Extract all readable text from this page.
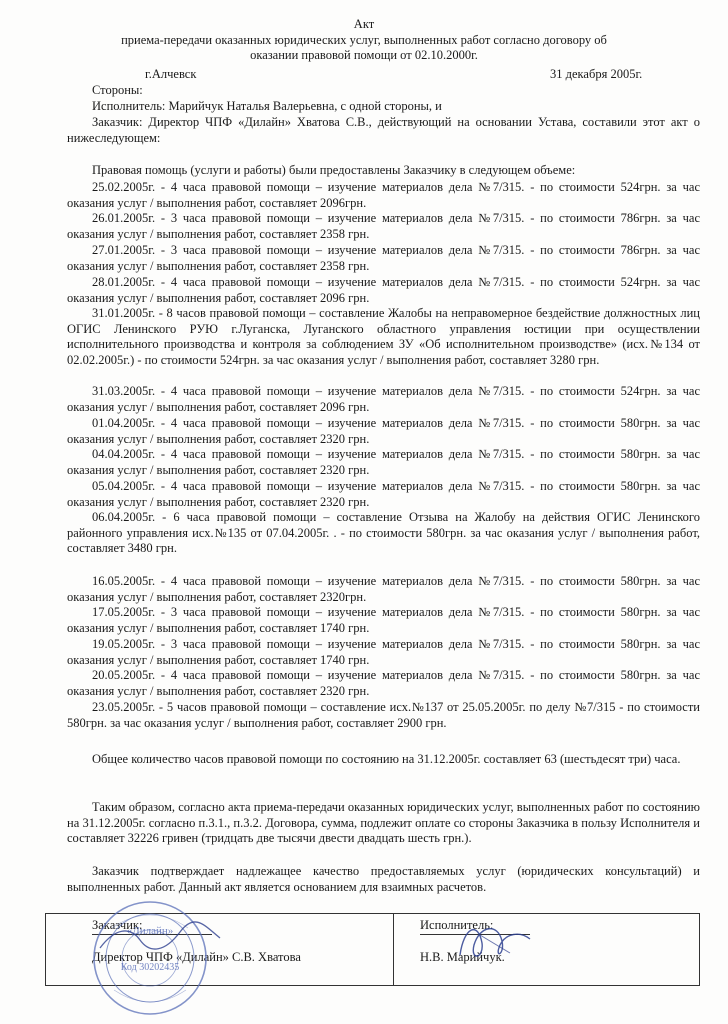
Акт
приема-передачи оказанных юридических услуг, выполненных работ согласно договору об оказании правовой помощи от 02.10.2000г.
г.Алчевск	31 декабря 2005г.

Стороны:

Исполнитель: Марийчук Наталья Валерьевна, с одной стороны, и

Заказчик: Директор ЧПФ «Дилайн» Хватова С.В., действующий на основании Устава, составили этот акт о нижеследующем:

Правовая помощь (услуги и работы) были предоставлены Заказчику в следующем объеме:

25.02.2005г. - 4 часа правовой помощи – изучение материалов дела №7/315. - по стоимости 524грн. за час оказания услуг / выполнения работ, составляет 2096грн.

26.01.2005г. - 3 часа правовой помощи – изучение материалов дела №7/315. - по стоимости 786грн. за час оказания услуг / выполнения работ, составляет 2358 грн.

27.01.2005г. - 3 часа правовой помощи – изучение материалов дела №7/315. - по стоимости 786грн. за час оказания услуг / выполнения работ, составляет 2358 грн.

28.01.2005г. - 4 часа правовой помощи – изучение материалов дела №7/315. - по стоимости 524грн. за час оказания услуг / выполнения работ, составляет 2096 грн.

31.01.2005г. - 8 часов правовой помощи – составление Жалобы на неправомерное бездействие должностных лиц ОГИС Ленинского РУЮ г.Луганска, Луганского областного управления юстиции при осуществлении исполнительного производства и контроля за соблюдением ЗУ «Об исполнительном производстве» (исх.№134 от 02.02.2005г.) - по стоимости 524грн. за час оказания услуг / выполнения работ, составляет 3280 грн.

31.03.2005г. - 4 часа правовой помощи – изучение материалов дела №7/315. - по стоимости 524грн. за час оказания услуг / выполнения работ, составляет 2096 грн.

01.04.2005г. - 4 часа правовой помощи – изучение материалов дела №7/315. - по стоимости 580грн. за час оказания услуг / выполнения работ, составляет 2320 грн.

04.04.2005г. - 4 часа правовой помощи – изучение материалов дела №7/315. - по стоимости 580грн. за час оказания услуг / выполнения работ, составляет 2320 грн.

05.04.2005г. - 4 часа правовой помощи – изучение материалов дела №7/315. - по стоимости 580грн. за час оказания услуг / выполнения работ, составляет 2320 грн.

06.04.2005г. - 6 часа правовой помощи – составление Отзыва на Жалобу на действия ОГИС Ленинского районного управления исх.№135 от 07.04.2005г. . - по стоимости 580грн. за час оказания услуг / выполнения работ, составляет 3480 грн.

16.05.2005г. - 4 часа правовой помощи – изучение материалов дела №7/315. - по стоимости 580грн. за час оказания услуг / выполнения работ, составляет 2320грн.

17.05.2005г. - 3 часа правовой помощи – изучение материалов дела №7/315. - по стоимости 580грн. за час оказания услуг / выполнения работ, составляет 1740 грн.

19.05.2005г. - 3 часа правовой помощи – изучение материалов дела №7/315. - по стоимости 580грн. за час оказания услуг / выполнения работ, составляет 1740 грн.

20.05.2005г. - 4 часа правовой помощи – изучение материалов дела №7/315. - по стоимости 580грн. за час оказания услуг / выполнения работ, составляет 2320 грн.

23.05.2005г. - 5 часов правовой помощи – составление исх.№137 от 25.05.2005г. по делу №7/315 - по стоимости 580грн. за час оказания услуг / выполнения работ, составляет 2900 грн.

Общее количество часов правовой помощи по состоянию на 31.12.2005г. составляет 63 (шестьдесят три) часа.

Таким образом, согласно акта приема-передачи оказанных юридических услуг, выполненных работ по состоянию на 31.12.2005г. согласно п.3.1., п.3.2. Договора, сумма, подлежит оплате со стороны Заказчика в пользу Исполнителя и составляет 32226 гривен (тридцать две тысячи двести двадцать шесть грн.).

Заказчик подтверждает надлежащее качество предоставляемых услуг (юридических консультаций) и выполненных работ. Данный акт является основанием для взаимных расчетов.

Заказчик:
Директор ЧПФ «Дилайн» С.В. Хватова
Исполнитель:
Н.В. Марийчук.
«Дилайн»
Код 30202435
